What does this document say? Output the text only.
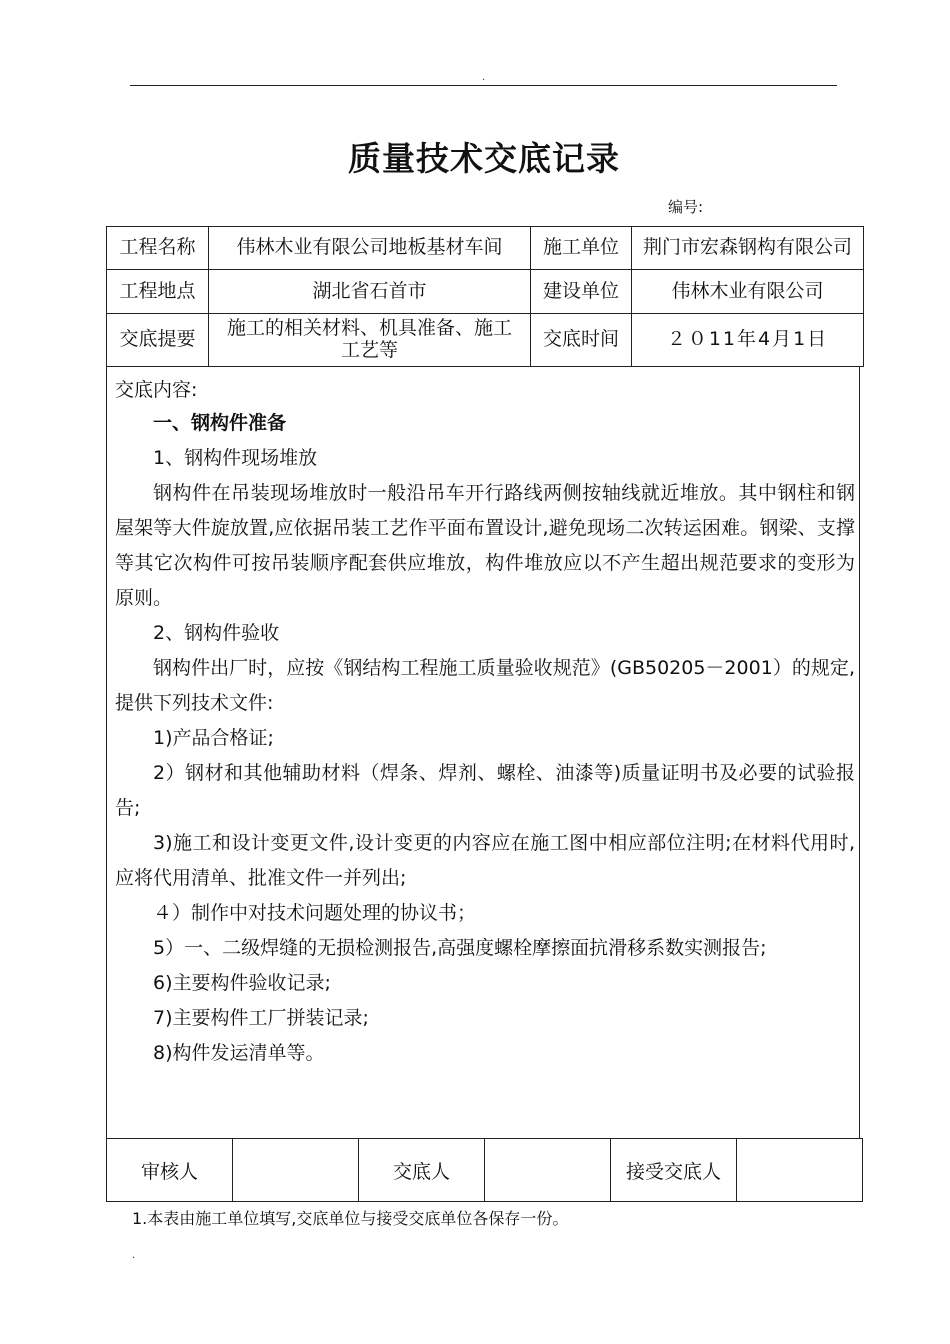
.
质量技术交底记录
编号:
工程名称	伟林木业有限公司地板基材车间	施工单位	荆门市宏森钢构有限公司
工程地点	湖北省石首市	建设单位	伟林木业有限公司
交底提要	施工的相关材料、机具准备、施工工艺等	交底时间	２０11年4月1日
交底内容:
一、钢构件准备
1、钢构件现场堆放
钢构件在吊装现场堆放时一般沿吊车开行路线两侧按轴线就近堆放。其中钢柱和钢屋架等大件旋放置,应依据吊装工艺作平面布置设计,避免现场二次转运困难。钢梁、支撑等其它次构件可按吊装顺序配套供应堆放，构件堆放应以不产生超出规范要求的变形为原则。
2、钢构件验收
钢构件出厂时，应按《钢结构工程施工质量验收规范》(GB50205－2001）的规定,提供下列技术文件:
1)产品合格证;
2）钢材和其他辅助材料（焊条、焊剂、螺栓、油漆等)质量证明书及必要的试验报告;
3)施工和设计变更文件,设计变更的内容应在施工图中相应部位注明;在材料代用时,应将代用清单、批准文件一并列出;
４）制作中对技术问题处理的协议书；
5）一、二级焊缝的无损检测报告,高强度螺栓摩擦面抗滑移系数实测报告;
6)主要构件验收记录;
7)主要构件工厂拼装记录;
8)构件发运清单等。
审核人		交底人		接受交底人	
1.本表由施工单位填写,交底单位与接受交底单位各保存一份。
.
